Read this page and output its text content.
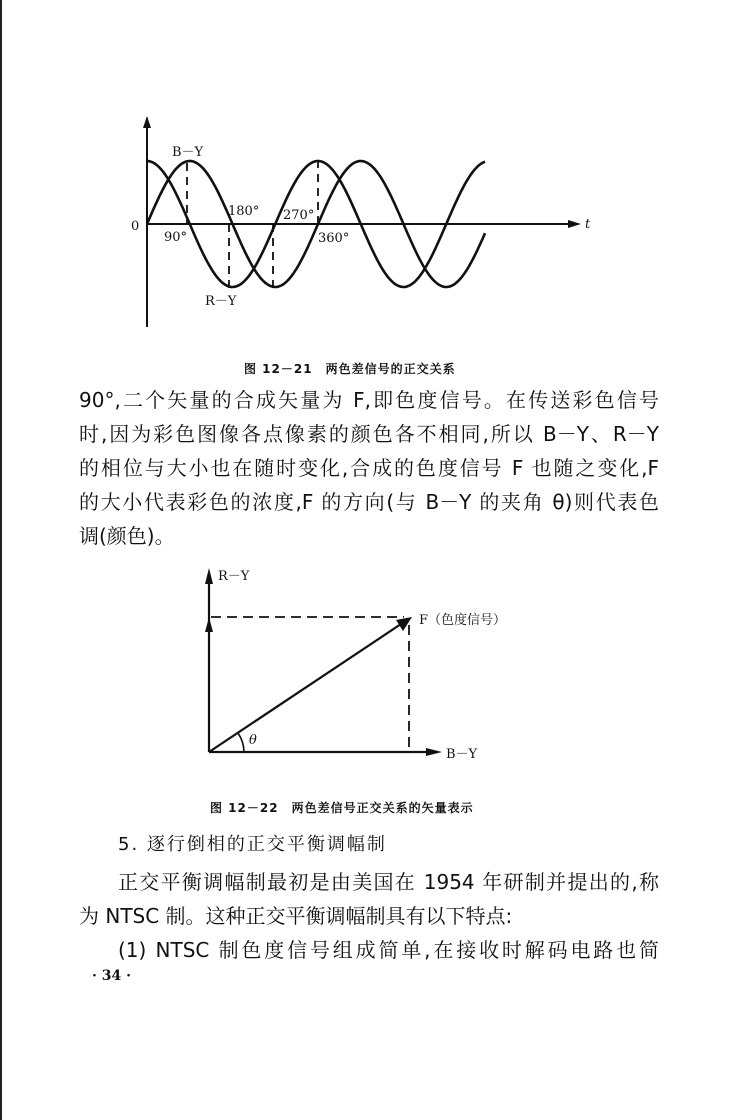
B－Y
R－Y
0	t
90°
180° 270°
360°
图 12－21　两色差信号的正交关系
90°,二个矢量的合成矢量为 F,即色度信号。在传送彩色信号
时,因为彩色图像各点像素的颜色各不相同,所以 B－Y、R－Y
的相位与大小也在随时变化,合成的色度信号 F 也随之变化,F
的大小代表彩色的浓度,F 的方向(与 B－Y 的夹角 θ)则代表色
调(颜色)。
R－Y
B－Y
F（色度信号）
θ
图 12－22　两色差信号正交关系的矢量表示
5. 逐行倒相的正交平衡调幅制
正交平衡调幅制最初是由美国在 1954 年研制并提出的,称
为 NTSC 制。这种正交平衡调幅制具有以下特点:
(1) NTSC 制色度信号组成简单,在接收时解码电路也简
· 34 ·
